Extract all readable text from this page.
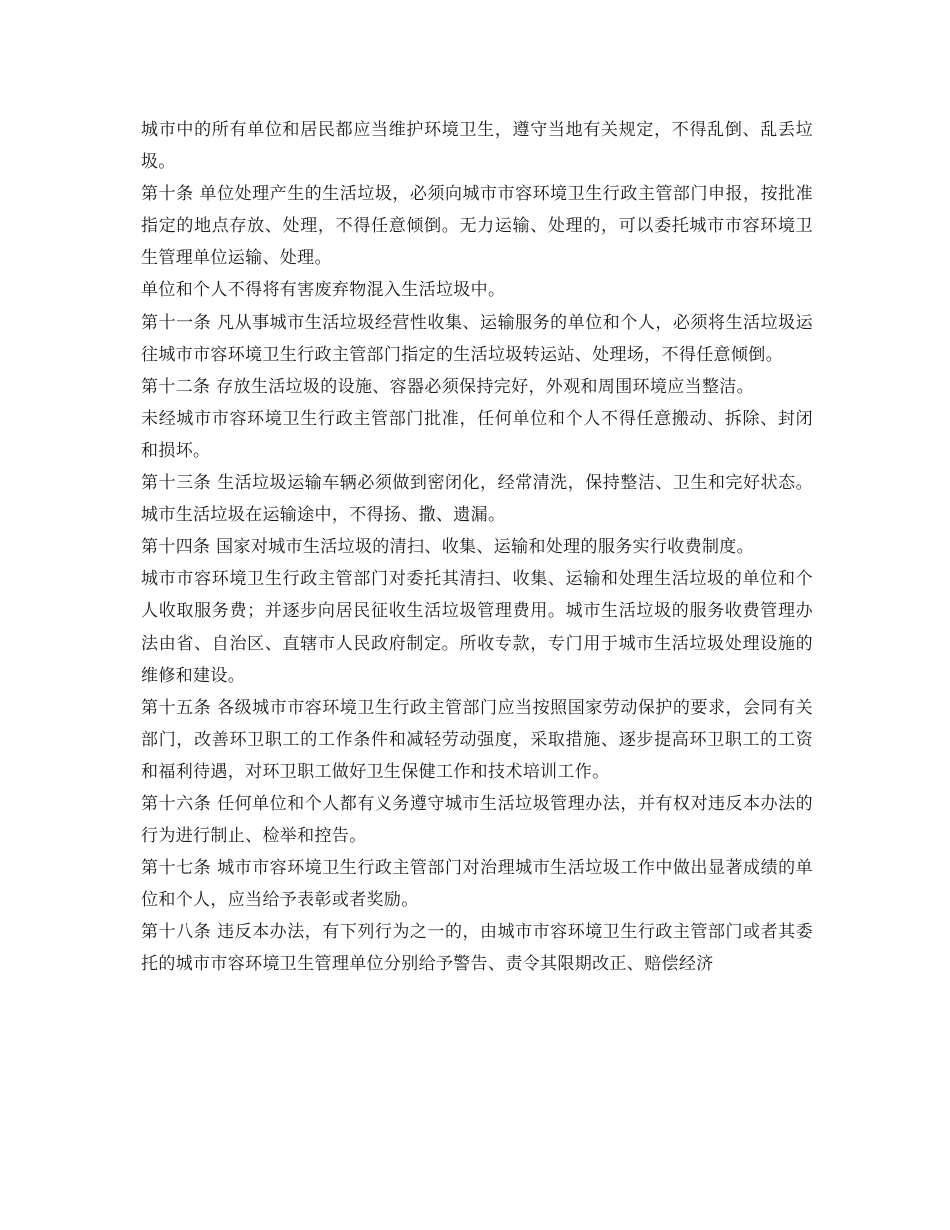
城市中的所有单位和居民都应当维护环境卫生，遵守当地有关规定，不得乱倒、乱丢垃圾。

第十条 单位处理产生的生活垃圾，必须向城市市容环境卫生行政主管部门申报，按批准指定的地点存放、处理，不得任意倾倒。无力运输、处理的，可以委托城市市容环境卫生管理单位运输、处理。

单位和个人不得将有害废弃物混入生活垃圾中。

第十一条 凡从事城市生活垃圾经营性收集、运输服务的单位和个人，必须将生活垃圾运往城市市容环境卫生行政主管部门指定的生活垃圾转运站、处理场，不得任意倾倒。

第十二条 存放生活垃圾的设施、容器必须保持完好，外观和周围环境应当整洁。

未经城市市容环境卫生行政主管部门批准，任何单位和个人不得任意搬动、拆除、封闭和损坏。

第十三条 生活垃圾运输车辆必须做到密闭化，经常清洗，保持整洁、卫生和完好状态。城市生活垃圾在运输途中，不得扬、撒、遗漏。

第十四条 国家对城市生活垃圾的清扫、收集、运输和处理的服务实行收费制度。

城市市容环境卫生行政主管部门对委托其清扫、收集、运输和处理生活垃圾的单位和个人收取服务费；并逐步向居民征收生活垃圾管理费用。城市生活垃圾的服务收费管理办法由省、自治区、直辖市人民政府制定。所收专款，专门用于城市生活垃圾处理设施的维修和建设。

第十五条 各级城市市容环境卫生行政主管部门应当按照国家劳动保护的要求，会同有关部门，改善环卫职工的工作条件和减轻劳动强度，采取措施、逐步提高环卫职工的工资和福利待遇，对环卫职工做好卫生保健工作和技术培训工作。

第十六条 任何单位和个人都有义务遵守城市生活垃圾管理办法，并有权对违反本办法的行为进行制止、检举和控告。

第十七条 城市市容环境卫生行政主管部门对治理城市生活垃圾工作中做出显著成绩的单位和个人，应当给予表彰或者奖励。

第十八条 违反本办法，有下列行为之一的，由城市市容环境卫生行政主管部门或者其委托的城市市容环境卫生管理单位分别给予警告、责令其限期改正、赔偿经济
